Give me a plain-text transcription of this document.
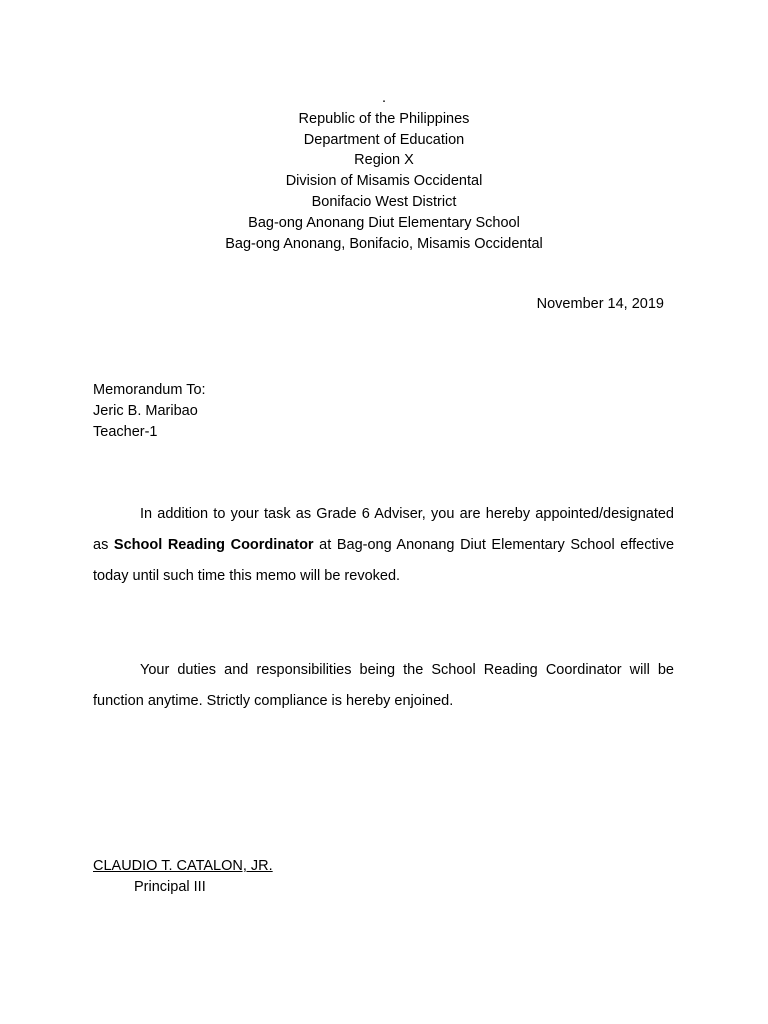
.
Republic of the Philippines
Department of Education
Region X
Division of Misamis Occidental
Bonifacio West District
Bag-ong Anonang Diut Elementary School
Bag-ong Anonang, Bonifacio, Misamis Occidental
November 14, 2019
Memorandum To:
Jeric B. Maribao
Teacher-1
In addition to your task as Grade 6 Adviser, you are hereby appointed/designated as School Reading Coordinator at Bag-ong Anonang Diut Elementary School effective today until such time this memo will be revoked.
Your duties and responsibilities being the School Reading Coordinator will be function anytime. Strictly compliance is hereby enjoined.
CLAUDIO T. CATALON, JR.
Principal III
